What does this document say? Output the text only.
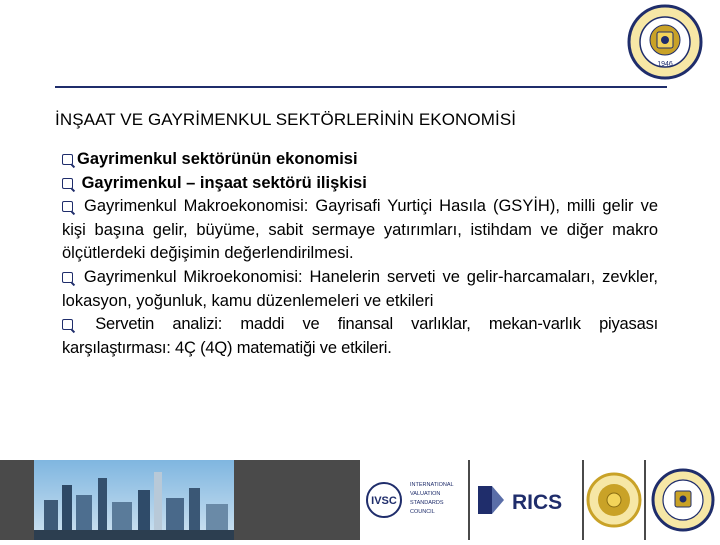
1946
İNŞAAT VE GAYRİMENKUL SEKTÖRLERİNİN EKONOMİSİ

Gayrimenkul sektörünün ekonomisi

Gayrimenkul – inşaat sektörü ilişkisi

Gayrimenkul Makroekonomisi: Gayrisafi Yurtiçi Hasıla (GSYİH), milli gelir ve kişi başına gelir, büyüme, sabit sermaye yatırımları, istihdam ve diğer makro ölçütlerdeki değişimin değerlendirilmesi.

Gayrimenkul Mikroekonomisi: Hanelerin serveti ve gelir-harcamaları, zevkler, lokasyon, yoğunluk, kamu düzenlemeleri ve etkileri

Servetin analizi: maddi ve finansal varlıklar, mekan-varlık piyasası karşılaştırması: 4Ç (4Q) matematiği ve etkileri.

IVSC
INTERNATIONAL
VALUATION
STANDARDS
COUNCIL	RICS
